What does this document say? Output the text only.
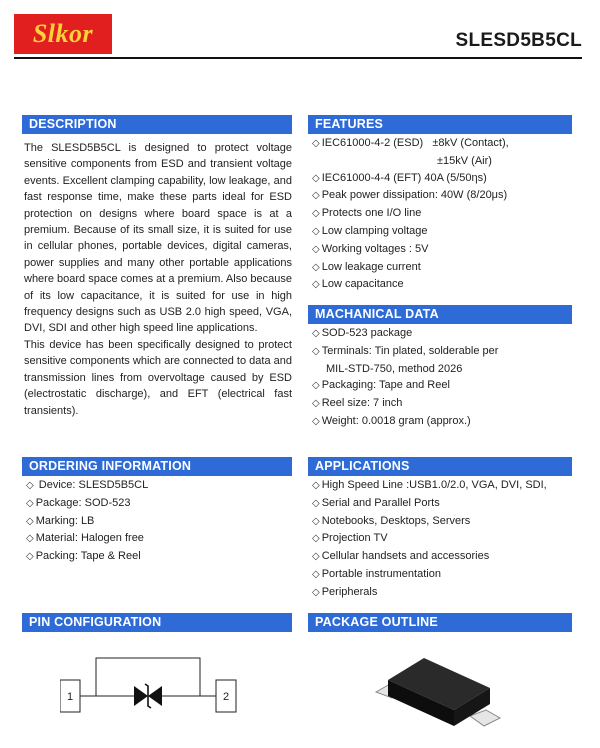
Slkor	SLESD5B5CL
DESCRIPTION

The SLESD5B5CL is designed to protect voltage sensitive components from ESD and transient voltage events. Excellent clamping capability, low leakage, and fast response time, make these parts ideal for ESD protection on designs where board space is at a premium. Because of its small size, it is suited for use in cellular phones, portable devices, digital cameras, power supplies and many other portable applications where board space comes at a premium. Also because of its low capacitance, it is suited for use in high frequency designs such as USB 2.0 high speed, VGA, DVI, SDI and other high speed line applications.

This device has been specifically designed to protect sensitive components which are connected to data and transmission lines from overvoltage caused by ESD (electrostatic discharge), and EFT (electrical fast transients).

FEATURES
◇ IEC61000-4-2 (ESD)   ±8kV (Contact),
±15kV (Air)
◇ IEC61000-4-4 (EFT) 40A (5/50ηs)
◇ Peak power dissipation: 40W (8/20μs)
◇ Protects one I/O line
◇ Low clamping voltage
◇ Working voltages : 5V
◇ Low leakage current
◇ Low capacitance
MACHANICAL DATA
◇ SOD-523 package
◇ Terminals: Tin plated, solderable per
MIL-STD-750, method 2026
◇ Packaging: Tape and Reel
◇ Reel size: 7 inch
◇ Weight: 0.0018 gram (approx.)
ORDERING INFORMATION
◇ Device: SLESD5B5CL
◇ Package: SOD-523
◇ Marking: LB
◇ Material: Halogen free
◇ Packing: Tape & Reel
APPLICATIONS
◇ High Speed Line :USB1.0/2.0, VGA, DVI, SDI,
◇ Serial and Parallel Ports
◇ Notebooks, Desktops, Servers
◇ Projection TV
◇ Cellular handsets and accessories
◇ Portable instrumentation
◇ Peripherals
PIN CONFIGURATION
1	2
PACKAGE OUTLINE
